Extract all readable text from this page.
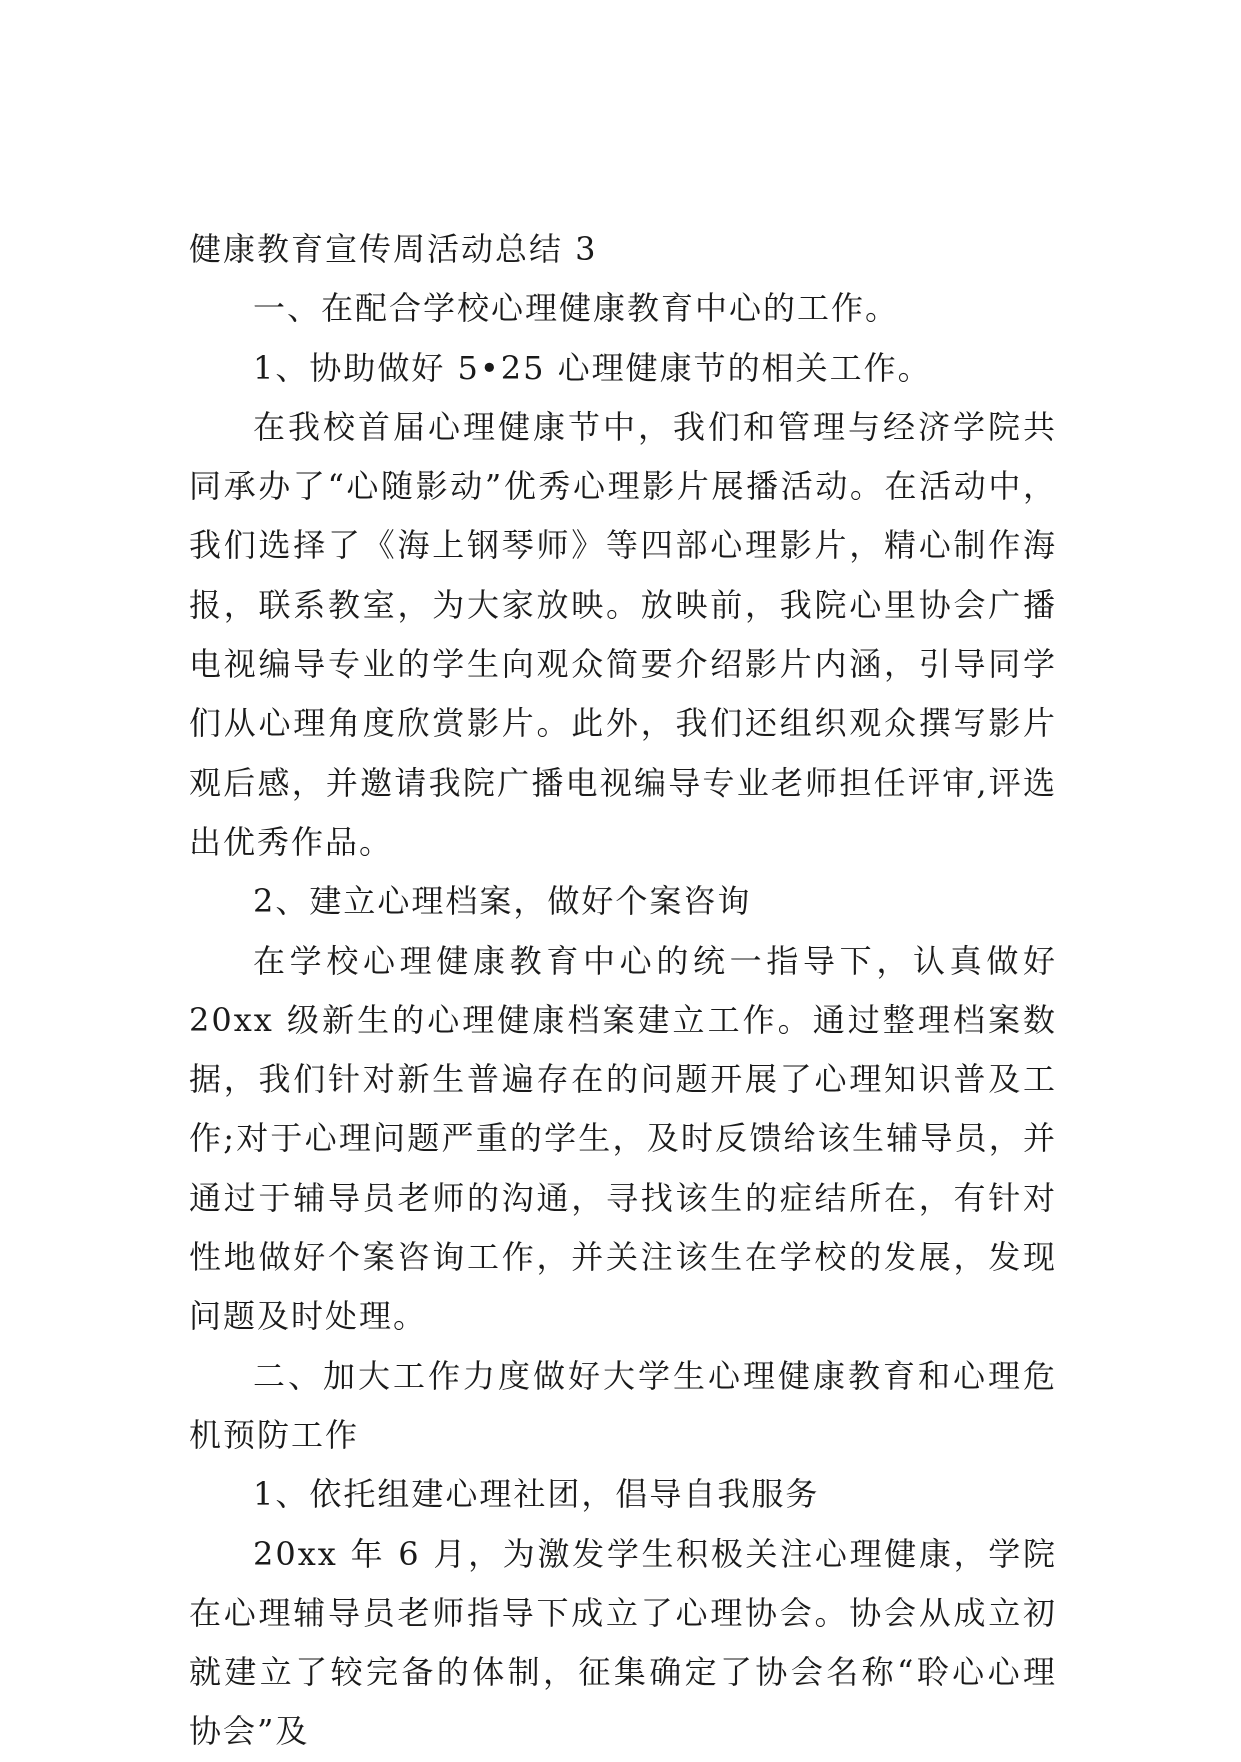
健康教育宣传周活动总结 3

一、在配合学校心理健康教育中心的工作。

1、协助做好 5•25 心理健康节的相关工作。

在我校首届心理健康节中，我们和管理与经济学院共同承办了“心随影动”优秀心理影片展播活动。在活动中，我们选择了《海上钢琴师》等四部心理影片，精心制作海报，联系教室，为大家放映。放映前，我院心里协会广播电视编导专业的学生向观众简要介绍影片内涵，引导同学们从心理角度欣赏影片。此外，我们还组织观众撰写影片观后感，并邀请我院广播电视编导专业老师担任评审,评选出优秀作品。

2、建立心理档案，做好个案咨询

在学校心理健康教育中心的统一指导下，认真做好 20xx 级新生的心理健康档案建立工作。通过整理档案数据，我们针对新生普遍存在的问题开展了心理知识普及工作;对于心理问题严重的学生，及时反馈给该生辅导员，并通过于辅导员老师的沟通，寻找该生的症结所在，有针对性地做好个案咨询工作，并关注该生在学校的发展，发现问题及时处理。

二、加大工作力度做好大学生心理健康教育和心理危机预防工作

1、依托组建心理社团，倡导自我服务

20xx 年 6 月，为激发学生积极关注心理健康，学院在心理辅导员老师指导下成立了心理协会。协会从成立初就建立了较完备的体制，征集确定了协会名称“聆心心理协会”及
